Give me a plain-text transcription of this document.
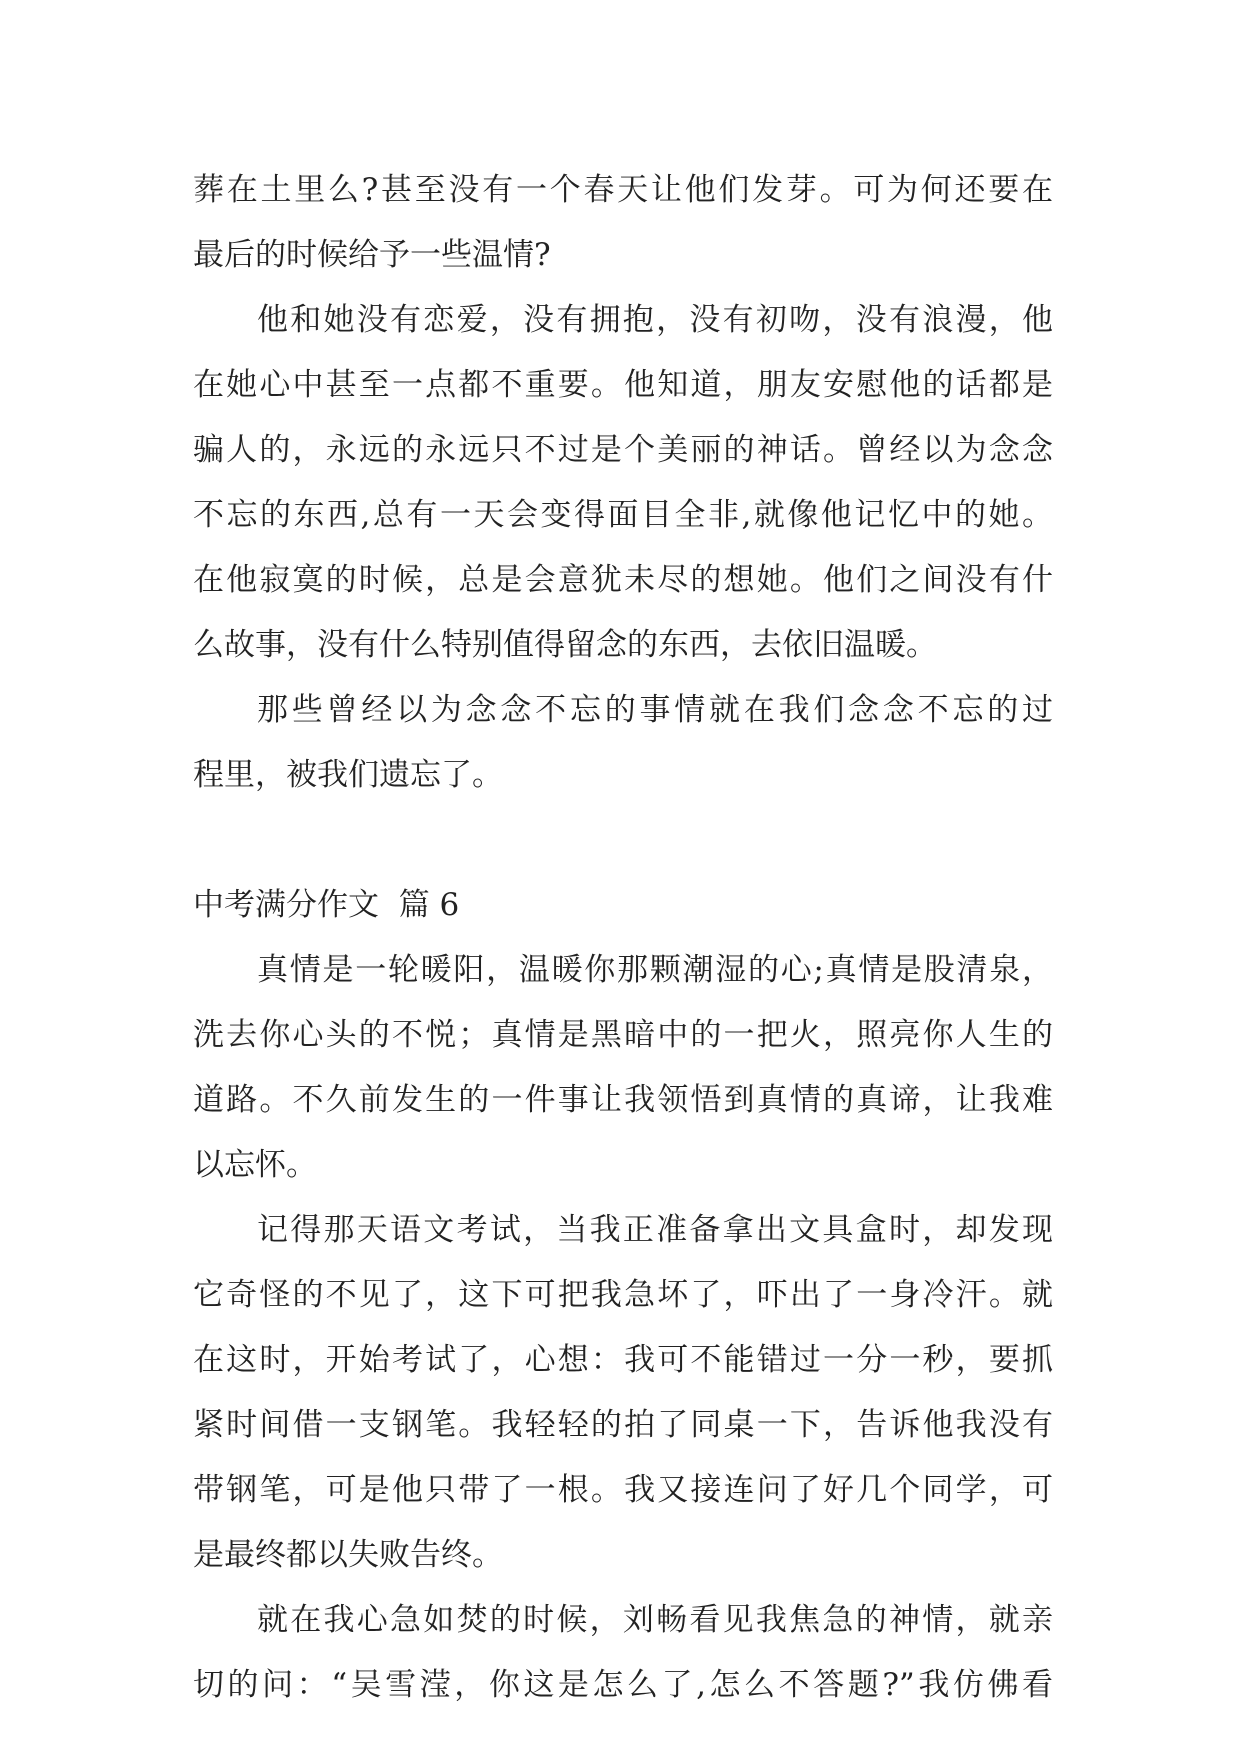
葬在土里么?甚至没有一个春天让他们发芽。可为何还要在
最后的时候给予一些温情?
他和她没有恋爱，没有拥抱，没有初吻，没有浪漫，他
在她心中甚至一点都不重要。他知道，朋友安慰他的话都是
骗人的，永远的永远只不过是个美丽的神话。曾经以为念念
不忘的东西,总有一天会变得面目全非,就像他记忆中的她。
在他寂寞的时候，总是会意犹未尽的想她。他们之间没有什
么故事，没有什么特别值得留念的东西，去依旧温暖。
那些曾经以为念念不忘的事情就在我们念念不忘的过
程里，被我们遗忘了。
中考满分作文  篇 6
真情是一轮暖阳，温暖你那颗潮湿的心;真情是股清泉，
洗去你心头的不悦；真情是黑暗中的一把火，照亮你人生的
道路。不久前发生的一件事让我领悟到真情的真谛，让我难
以忘怀。
记得那天语文考试，当我正准备拿出文具盒时，却发现
它奇怪的不见了，这下可把我急坏了，吓出了一身冷汗。就
在这时，开始考试了，心想：我可不能错过一分一秒，要抓
紧时间借一支钢笔。我轻轻的拍了同桌一下，告诉他我没有
带钢笔，可是他只带了一根。我又接连问了好几个同学，可
是最终都以失败告终。
就在我心急如焚的时候，刘畅看见我焦急的神情，就亲
切的问：“吴雪滢，你这是怎么了,怎么不答题?”我仿佛看
